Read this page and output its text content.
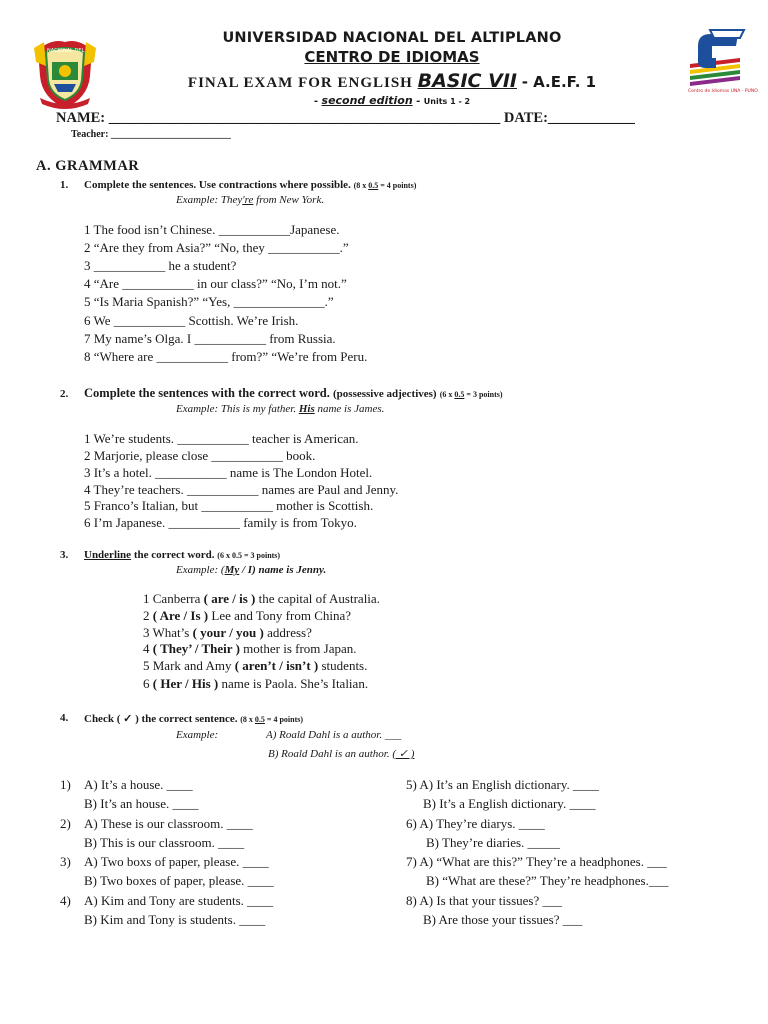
NACIONAL DEL
Centro de Idiomas UNA - PUNO
UNIVERSIDAD NACIONAL DEL ALTIPLANO
CENTRO DE IDIOMAS
FINAL EXAM FOR ENGLISH BASIC VII - A.E.F. 1
- second edition - Units 1 - 2
NAME: ______________________________________________________ DATE:____________
Teacher: ________________________
A. GRAMMAR
1. Complete the sentences. Use contractions where possible. (8 x 0.5 = 4 points)
Example: They're from New York.
1 The food isn’t Chinese. ___________Japanese.
2 “Are they from Asia?” “No, they ___________.”
3 ___________ he a student?
4 “Are ___________ in our class?” “No, I’m not.”
5 “Is Maria Spanish?” “Yes, ______________.”
6 We ___________ Scottish. We’re Irish.
7 My name’s Olga. I ___________ from Russia.
8 “Where are ___________ from?” “We’re from Peru.
2. Complete the sentences with the correct word. (possessive adjectives) (6 x 0.5 = 3 points)
Example: This is my father. His name is James.
1 We’re students. ___________ teacher is American.
2 Marjorie, please close ___________ book.
3 It’s a hotel. ___________ name is The London Hotel.
4 They’re teachers. ___________ names are Paul and Jenny.
5 Franco’s Italian, but ___________ mother is Scottish.
6 I’m Japanese. ___________ family is from Tokyo.
3. Underline the correct word. (6 x 0.5 = 3 points)
Example: (My / I) name is Jenny.
1 Canberra ( are / is ) the capital of Australia.
2 ( Are / Is ) Lee and Tony from China?
3 What’s ( your / you ) address?
4 ( They’ / Their ) mother is from Japan.
5 Mark and Amy ( aren’t / isn’t ) students.
6 ( Her / His ) name is Paola. She’s Italian.
4. Check ( ✓ ) the correct sentence. (8 x 0.5 = 4 points)
Example:	A) Roald Dahl is a author. ___
B) Roald Dahl is an author. ( ✓ )
1) A) It’s a house. ____
B) It’s an house. ____
2) A) These is our classroom. ____
B) This is our classroom. ____
3) A) Two boxs of paper, please. ____
B) Two boxes of paper, please. ____
4) A) Kim and Tony are students. ____
B) Kim and Tony is students. ____
5) A) It’s an English dictionary. ____
B) It’s a English dictionary. ____
6) A) They’re diarys. ____
B) They’re diaries. _____
7) A) “What are this?” They’re a headphones. ___
B) “What are these?” They’re headphones.___
8) A) Is that your tissues? ___
B) Are those your tissues? ___
